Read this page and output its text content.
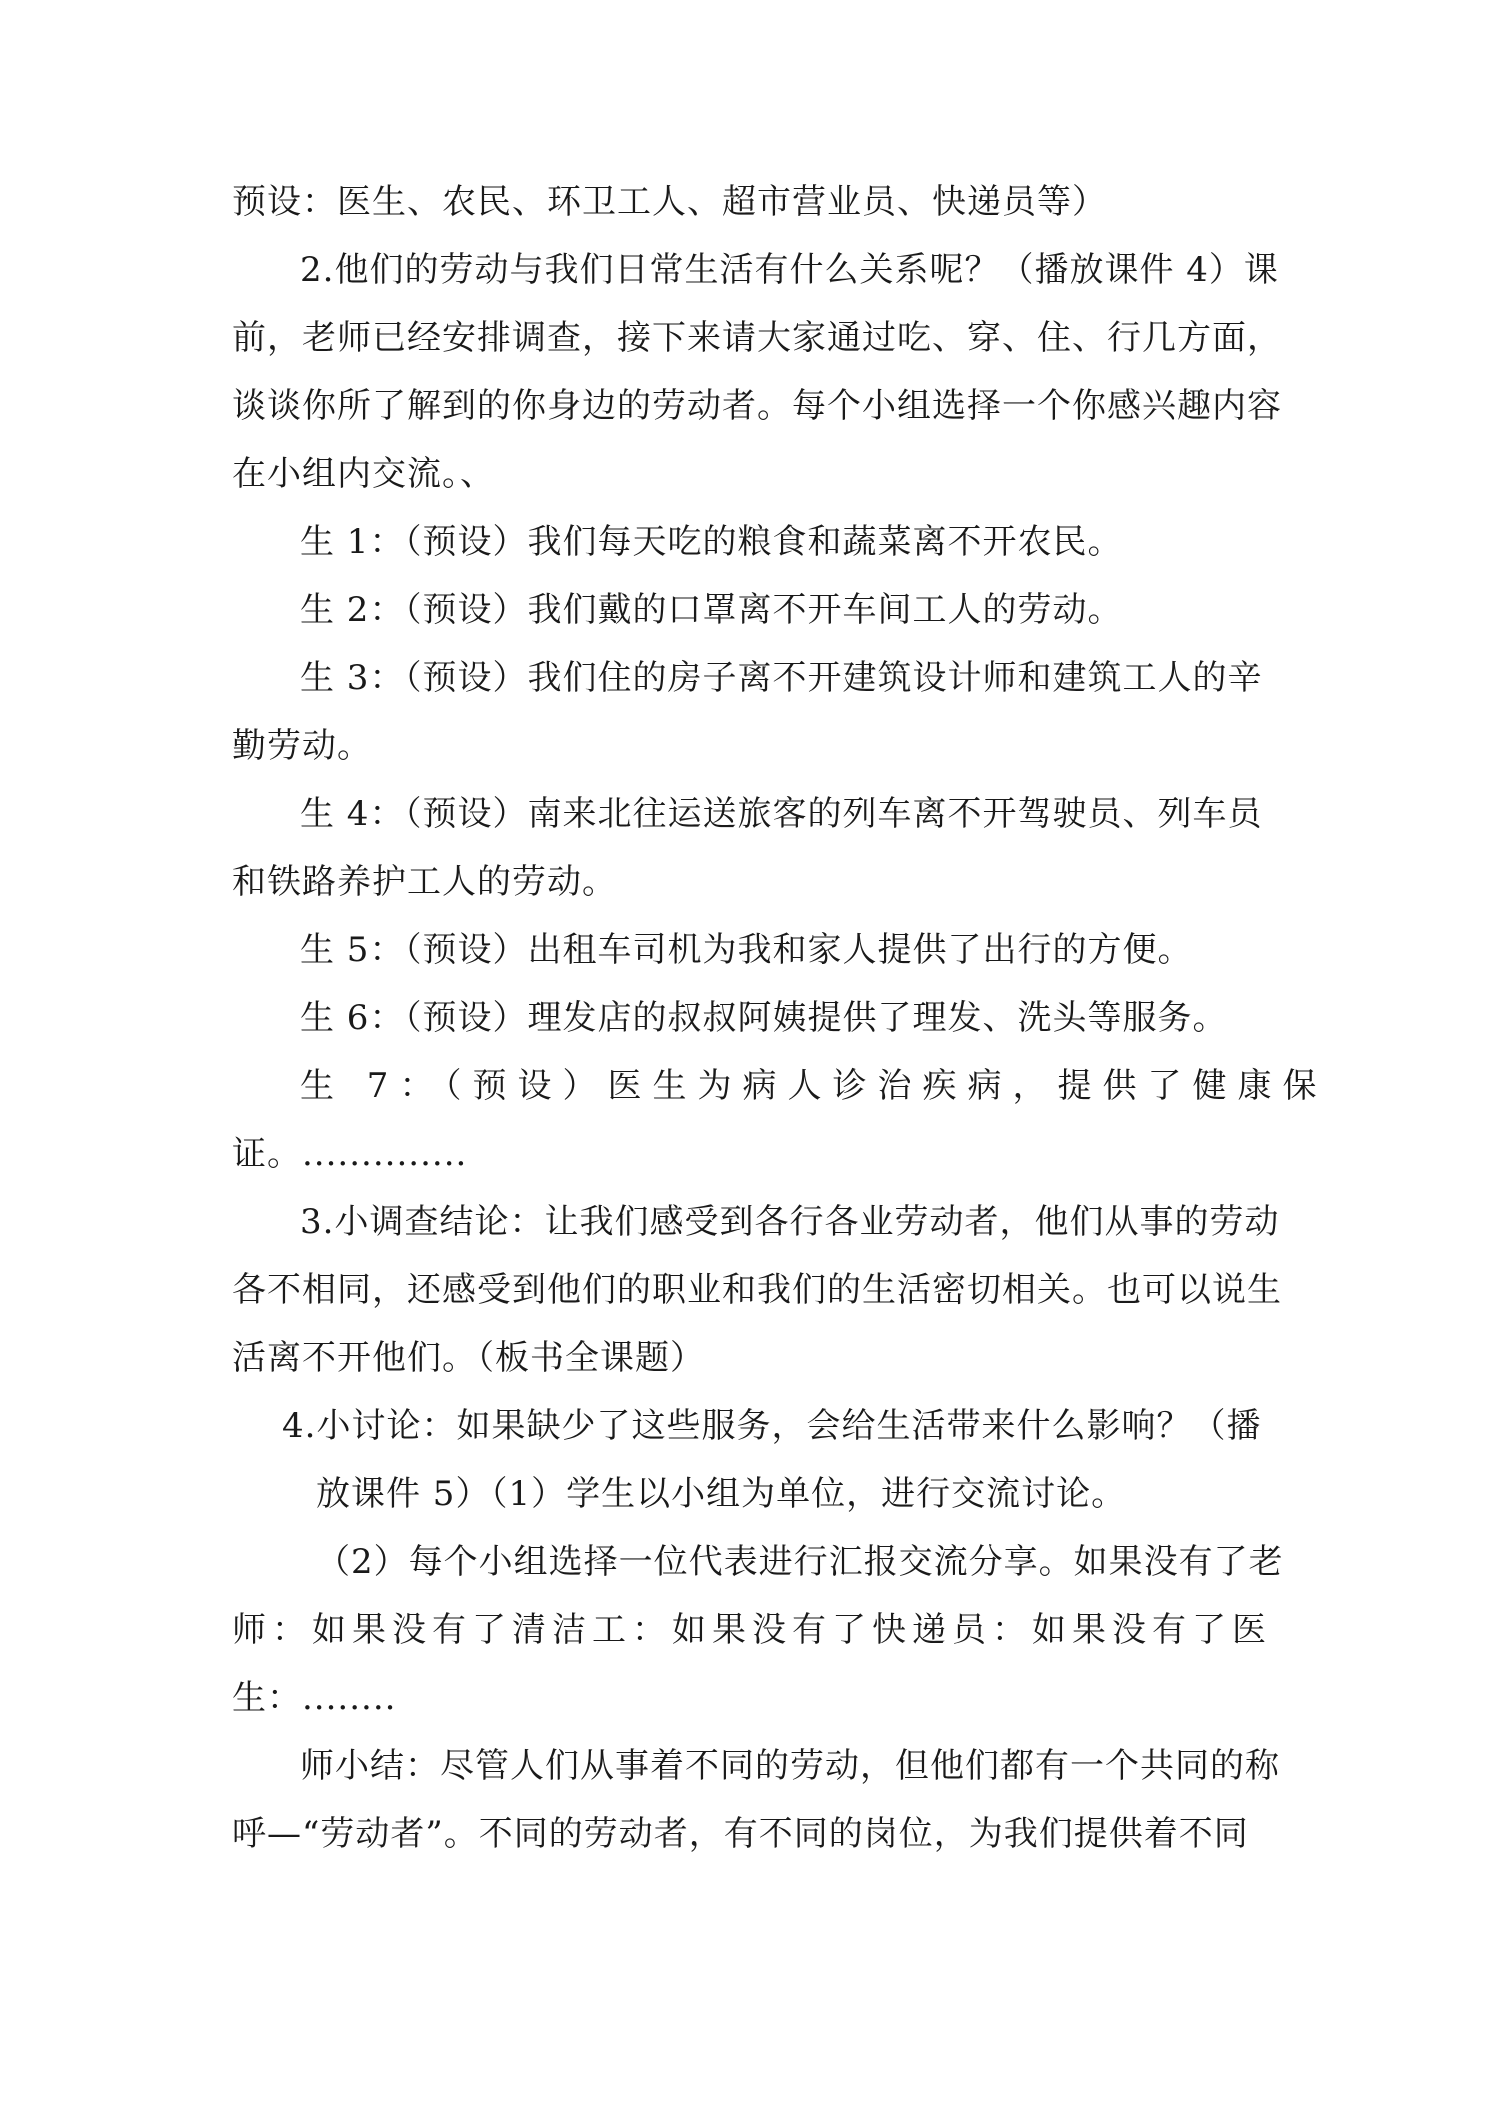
预设：医生、农民、环卫工人、超市营业员、快递员等）
2.他们的劳动与我们日常生活有什么关系呢？（播放课件 4）课
前，老师已经安排调查，接下来请大家通过吃、穿、住、行几方面，
谈谈你所了解到的你身边的劳动者。每个小组选择一个你感兴趣内容
在小组内交流。、
生 1：（预设）我们每天吃的粮食和蔬菜离不开农民。
生 2：（预设）我们戴的口罩离不开车间工人的劳动。
生 3：（预设）我们住的房子离不开建筑设计师和建筑工人的辛
勤劳动。
生 4：（预设）南来北往运送旅客的列车离不开驾驶员、列车员
和铁路养护工人的劳动。
生 5：（预设）出租车司机为我和家人提供了出行的方便。
生 6：（预设）理发店的叔叔阿姨提供了理发、洗头等服务。
生 7：（预设）医生为病人诊治疾病，提供了健康保
证。..............
3.小调查结论：让我们感受到各行各业劳动者，他们从事的劳动
各不相同，还感受到他们的职业和我们的生活密切相关。也可以说生
活离不开他们。（板书全课题）
4.小讨论：如果缺少了这些服务，会给生活带来什么影响？（播
放课件 5）（1）学生以小组为单位，进行交流讨论。
（2）每个小组选择一位代表进行汇报交流分享。如果没有了老
师：如果没有了清洁工：如果没有了快递员：如果没有了医
生：........
师小结：尽管人们从事着不同的劳动，但他们都有一个共同的称
呼—“劳动者”。不同的劳动者，有不同的岗位，为我们提供着不同
